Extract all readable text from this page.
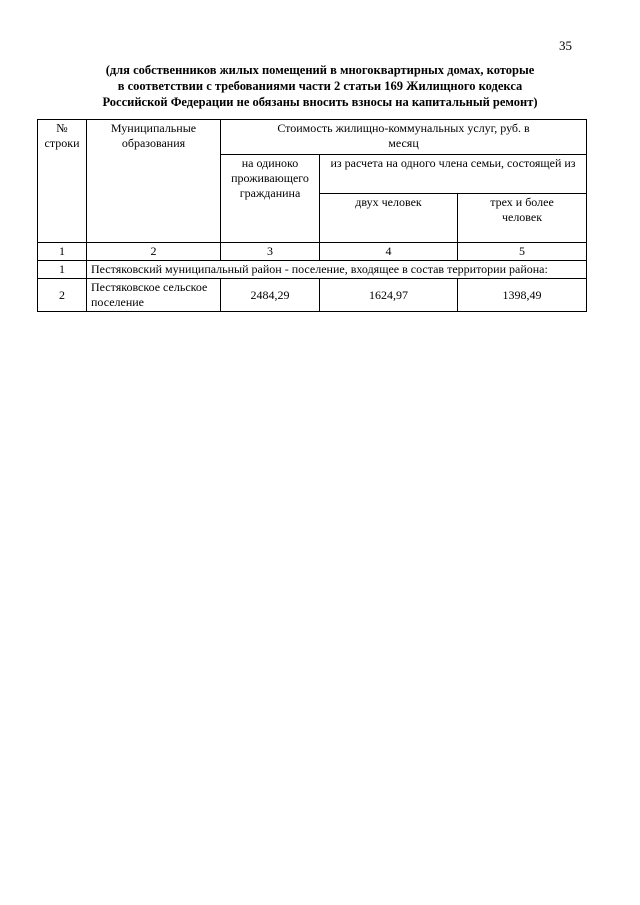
35
(для собственников жилых помещений в многоквартирных домах, которые
в соответствии с требованиями части 2 статьи 169 Жилищного кодекса
Российской Федерации не обязаны вносить взносы на капитальный ремонт)
№ строки	Муниципальные образования	Стоимость жилищно-коммунальных услуг, руб. в месяц		
		на одиноко проживающего гражданина	из расчета на одного члена семьи, состоящей из	
			двух человек	трех и более человек
1	2	3	4	5
1	Пестяковский муниципальный район - поселение, входящее в состав территории района:			
2	Пестяковское сельское поселение	2484,29	1624,97	1398,49
